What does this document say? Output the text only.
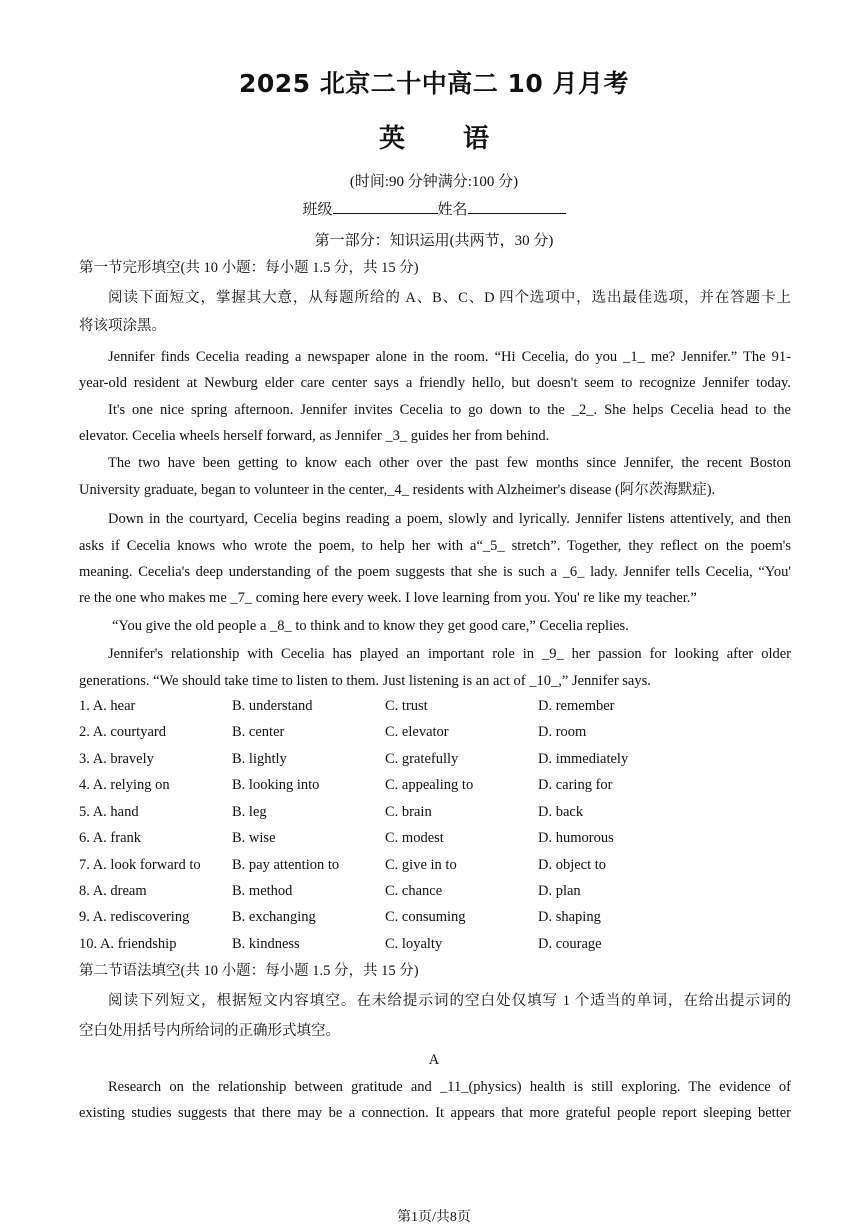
2025 北京二十中高二 10 月月考
英语
(时间:90 分钟满分:100 分)
班级	姓名
第一部分：知识运用(共两节，30 分)
第一节完形填空(共 10 小题：每小题 1.5 分，共 15 分)
阅读下面短文，掌握其大意，从每题所给的 A、B、C、D 四个选项中，选出最佳选项，并在答题卡上
将该项涂黑。
Jennifer finds Cecelia reading a newspaper alone in the room. “Hi Cecelia, do you _1_ me? Jennifer.” The 91-
year-old resident at Newburg elder care center says a friendly hello, but doesn't seem to recognize Jennifer today.
It's one nice spring afternoon. Jennifer invites Cecelia to go down to the _2_. She helps Cecelia head to the
elevator. Cecelia wheels herself forward, as Jennifer _3_ guides her from behind.
The two have been getting to know each other over the past few months since Jennifer, the recent Boston
University graduate, began to volunteer in the center,_4_ residents with Alzheimer's disease (阿尔茨海默症).
Down in the courtyard, Cecelia begins reading a poem, slowly and lyrically. Jennifer listens attentively, and then
asks if Cecelia knows who wrote the poem, to help her with a“_5_ stretch”. Together, they reflect on the poem's
meaning. Cecelia's deep understanding of the poem suggests that she is such a _6_ lady. Jennifer tells Cecelia, “You'
re the one who makes me _7_ coming here every week. I love learning from you. You' re like my teacher.”
“You give the old people a _8_ to think and to know they get good care,” Cecelia replies.
Jennifer's relationship with Cecelia has played an important role in _9_ her passion for looking after older
generations. “We should take time to listen to them. Just listening is an act of _10_,” Jennifer says.
1. A. hear	B. understand	C. trust	D. remember
2. A. courtyard	B. center	C. elevator	D. room
3. A. bravely	B. lightly	C. gratefully	D. immediately
4. A. relying on	B. looking into	C. appealing to	D. caring for
5. A. hand	B. leg	C. brain	D. back
6. A. frank	B. wise	C. modest	D. humorous
7. A. look forward to B. pay attention to	C. give in to	D. object to
8. A. dream	B. method	C. chance	D. plan
9. A. rediscovering	B. exchanging	C. consuming	D. shaping
10. A. friendship	B. kindness	C. loyalty	D. courage
第二节语法填空(共 10 小题：每小题 1.5 分，共 15 分)
阅读下列短文，根据短文内容填空。在未给提示词的空白处仅填写 1 个适当的单词，在给出提示词的
空白处用括号内所给词的正确形式填空。
A
Research on the relationship between gratitude and _11_(physics) health is still exploring. The evidence of
existing studies suggests that there may be a connection. It appears that more grateful people report sleeping better
第1页/共8页
